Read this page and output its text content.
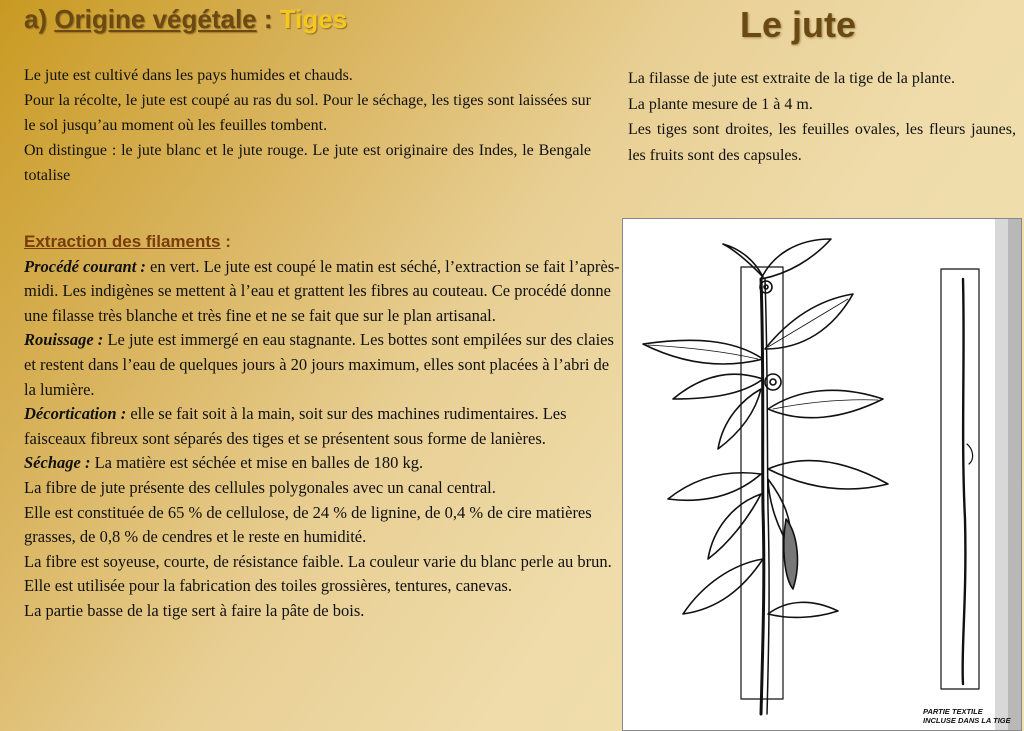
a) Origine végétale : Tiges	Le jute

Le jute est cultivé dans les pays humides et chauds.

Pour la récolte, le jute est coupé au ras du sol. Pour le séchage, les tiges sont laissées sur le sol jusqu’au moment où les feuilles tombent.

On distingue : le jute blanc et le jute rouge. Le jute est originaire des Indes, le Bengale totalise

La filasse de jute est extraite de la tige de la plante.

La plante mesure de 1 à 4 m.

Les tiges sont droites, les feuilles ovales, les fleurs jaunes, les fruits sont des capsules.

Extraction des filaments :

Procédé courant : en vert. Le jute est coupé le matin est séché, l’extraction se fait l’après-midi. Les indigènes se mettent à l’eau et grattent les fibres au couteau. Ce procédé donne une filasse très blanche et très fine et ne se fait que sur le plan artisanal.

Rouissage : Le jute est immergé en eau stagnante. Les bottes sont empilées sur des claies et restent dans l’eau de quelques jours à 20 jours maximum, elles sont placées à l’abri de la lumière.

Décortication : elle se fait soit à la main, soit sur des machines rudimentaires. Les faisceaux fibreux sont séparés des tiges et se présentent sous forme de lanières.

Séchage : La matière est séchée et mise en balles de 180 kg.

La fibre de jute présente des cellules polygonales avec un canal central.

Elle est constituée de 65 % de cellulose, de 24 % de lignine, de 0,4 % de cire matières grasses, de 0,8 % de cendres et le reste en humidité.

La fibre est soyeuse, courte, de résistance faible. La couleur varie du blanc perle au brun.

Elle est utilisée pour la fabrication des toiles grossières, tentures, canevas.

La partie basse de la tige sert à faire la pâte de bois.

PARTIE TEXTILE
INCLUSE DANS LA TIGE
